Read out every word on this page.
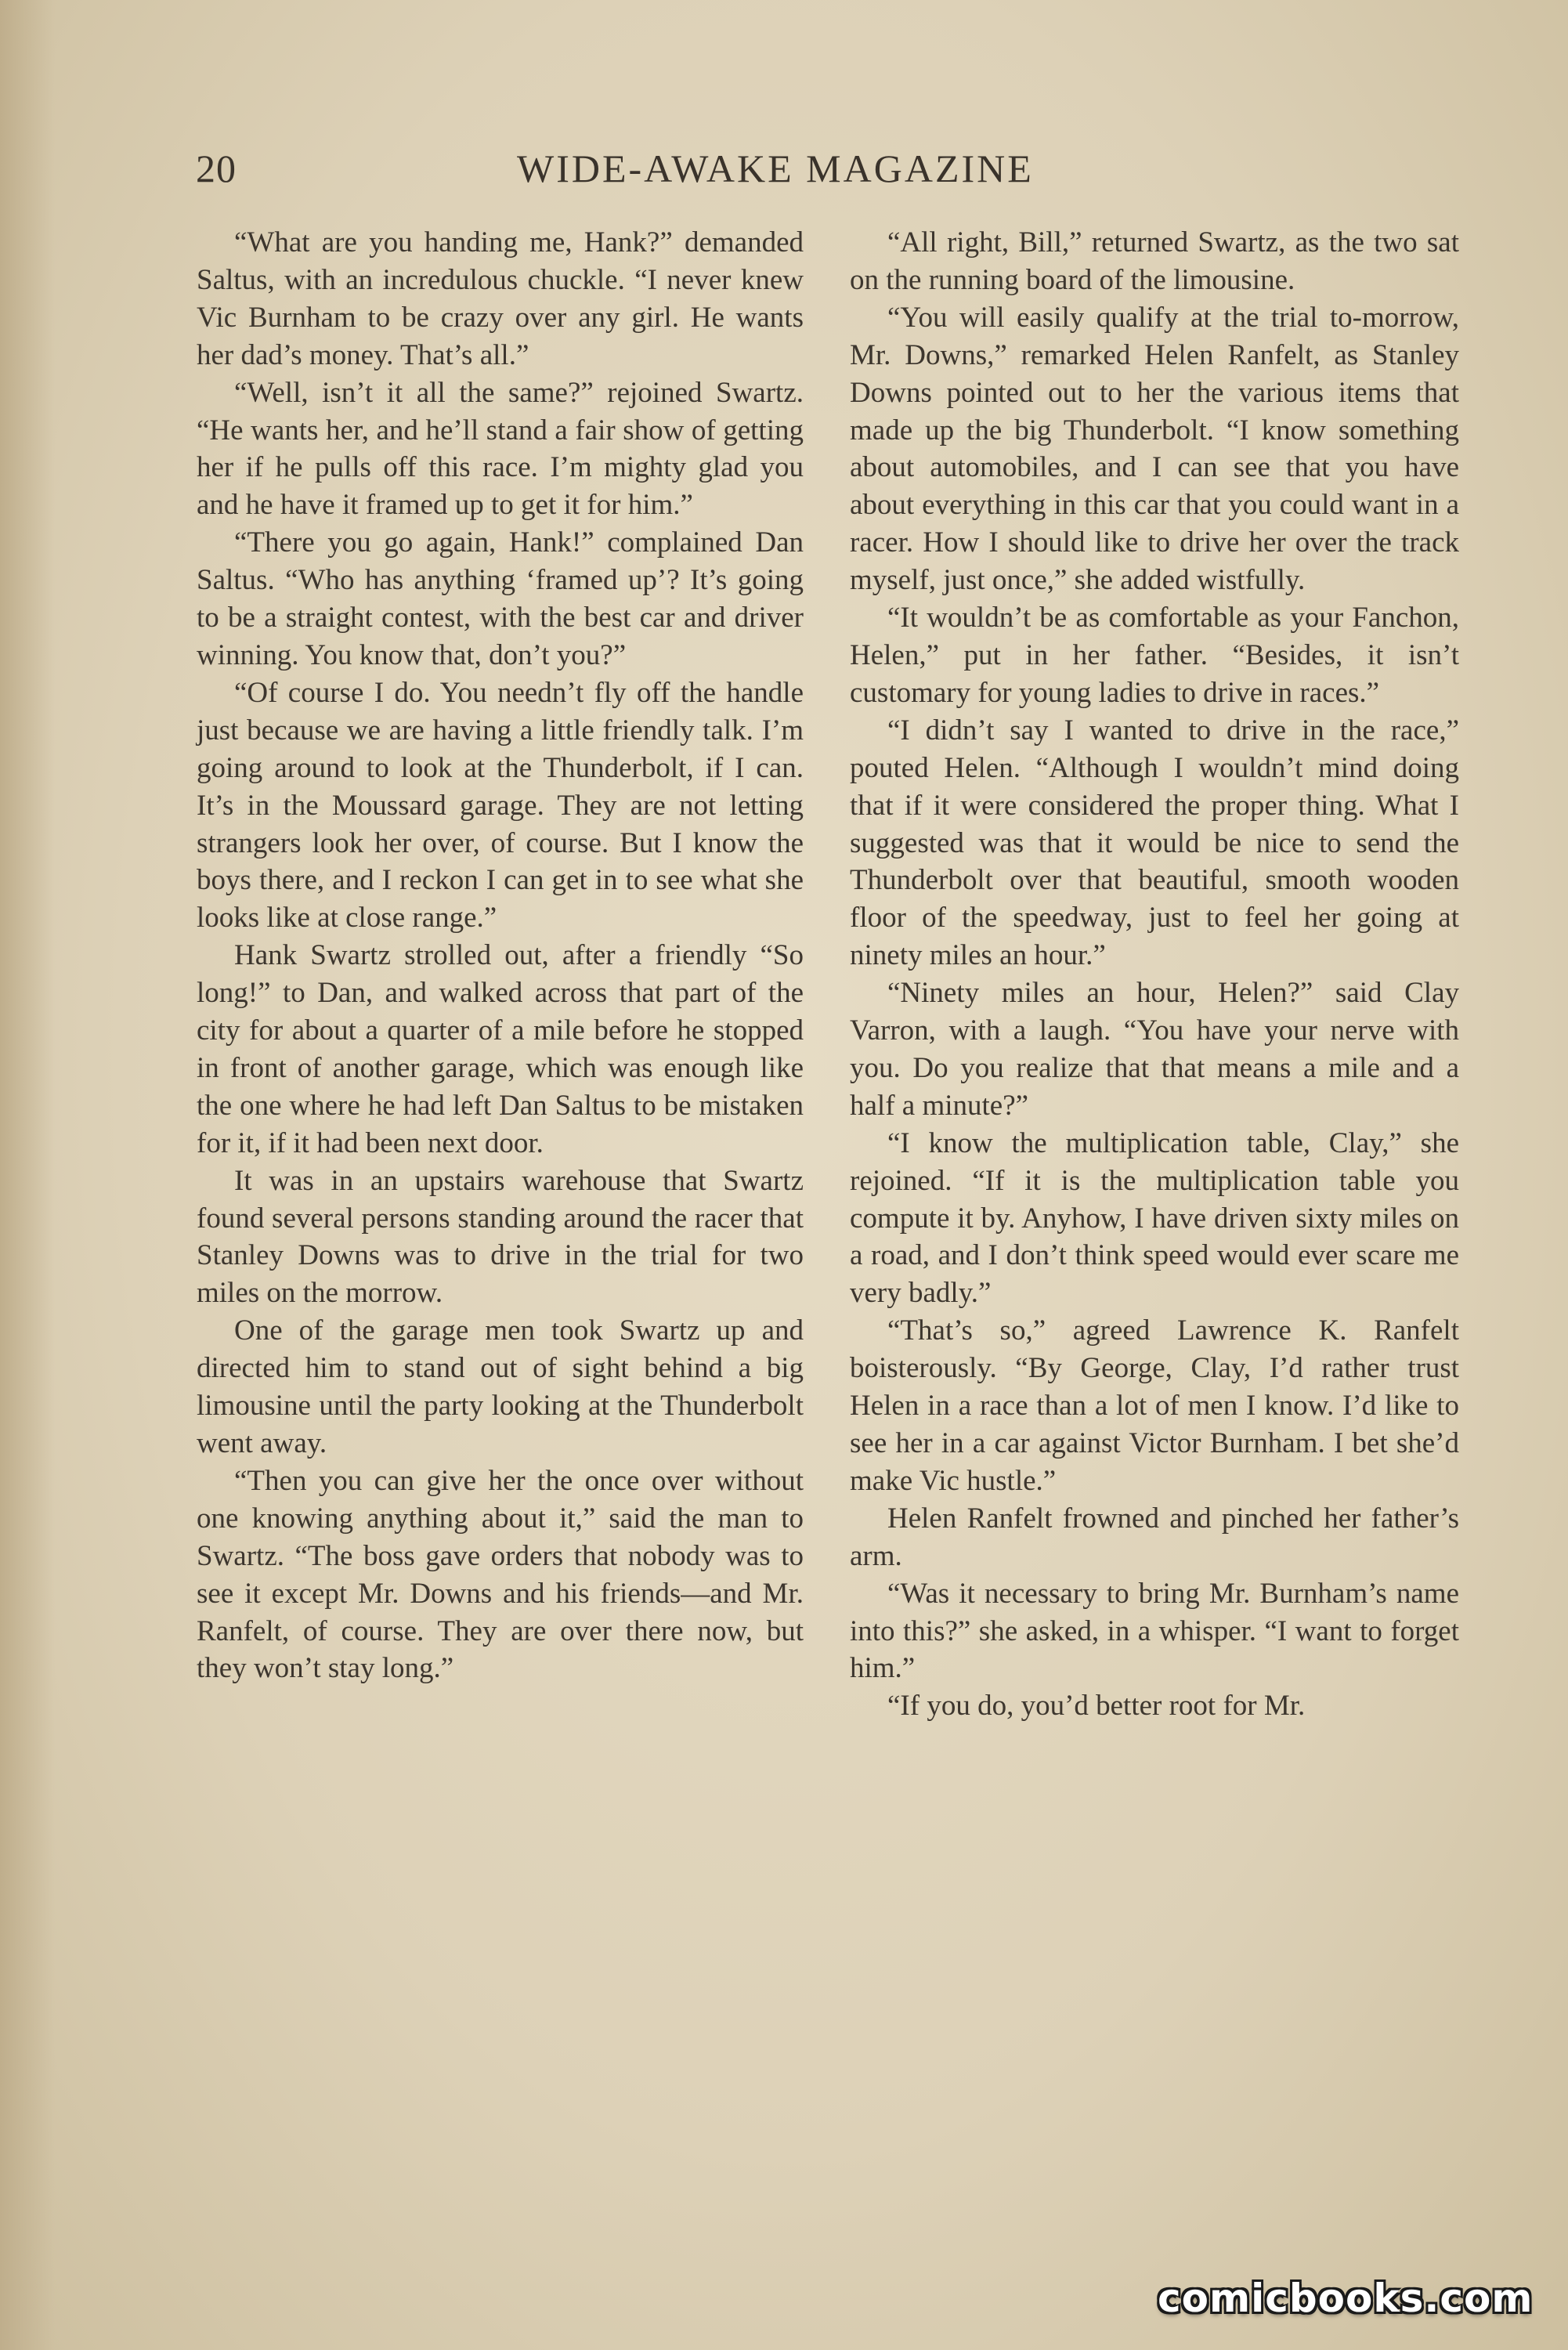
20	WIDE-AWAKE MAGAZINE

“What are you handing me, Hank?” demanded Saltus, with an incredulous chuckle. “I never knew Vic Burnham to be crazy over any girl. He wants her dad’s money. That’s all.”

“Well, isn’t it all the same?” rejoined Swartz. “He wants her, and he’ll stand a fair show of getting her if he pulls off this race. I’m mighty glad you and he have it framed up to get it for him.”

“There you go again, Hank!” complained Dan Saltus. “Who has anything ‘framed up’? It’s going to be a straight contest, with the best car and driver winning. You know that, don’t you?”

“Of course I do. You needn’t fly off the handle just because we are having a little friendly talk. I’m going around to look at the Thunderbolt, if I can. It’s in the Moussard garage. They are not letting strangers look her over, of course. But I know the boys there, and I reckon I can get in to see what she looks like at close range.”

Hank Swartz strolled out, after a friendly “So long!” to Dan, and walked across that part of the city for about a quarter of a mile before he stopped in front of another garage, which was enough like the one where he had left Dan Saltus to be mistaken for it, if it had been next door.

It was in an upstairs warehouse that Swartz found several persons standing around the racer that Stanley Downs was to drive in the trial for two miles on the morrow.

One of the garage men took Swartz up and directed him to stand out of sight behind a big limousine until the party looking at the Thunderbolt went away.

“Then you can give her the once over without one knowing anything about it,” said the man to Swartz. “The boss gave orders that nobody was to see it except Mr. Downs and his friends—and Mr. Ranfelt, of course. They are over there now, but they won’t stay long.”

“All right, Bill,” returned Swartz, as the two sat on the running board of the limousine.

“You will easily qualify at the trial to-morrow, Mr. Downs,” remarked Helen Ranfelt, as Stanley Downs pointed out to her the various items that made up the big Thunderbolt. “I know something about automobiles, and I can see that you have about everything in this car that you could want in a racer. How I should like to drive her over the track myself, just once,” she added wistfully.

“It wouldn’t be as comfortable as your Fanchon, Helen,” put in her father. “Besides, it isn’t customary for young ladies to drive in races.”

“I didn’t say I wanted to drive in the race,” pouted Helen. “Although I wouldn’t mind doing that if it were considered the proper thing. What I suggested was that it would be nice to send the Thunderbolt over that beautiful, smooth wooden floor of the speedway, just to feel her going at ninety miles an hour.”

“Ninety miles an hour, Helen?” said Clay Varron, with a laugh. “You have your nerve with you. Do you realize that that means a mile and a half a minute?”

“I know the multiplication table, Clay,” she rejoined. “If it is the multiplication table you compute it by. Anyhow, I have driven sixty miles on a road, and I don’t think speed would ever scare me very badly.”

“That’s so,” agreed Lawrence K. Ranfelt boisterously. “By George, Clay, I’d rather trust Helen in a race than a lot of men I know. I’d like to see her in a car against Victor Burnham. I bet she’d make Vic hustle.”

Helen Ranfelt frowned and pinched her father’s arm.

“Was it necessary to bring Mr. Burnham’s name into this?” she asked, in a whisper. “I want to forget him.”

“If you do, you’d better root for Mr.

comicbooks.com
